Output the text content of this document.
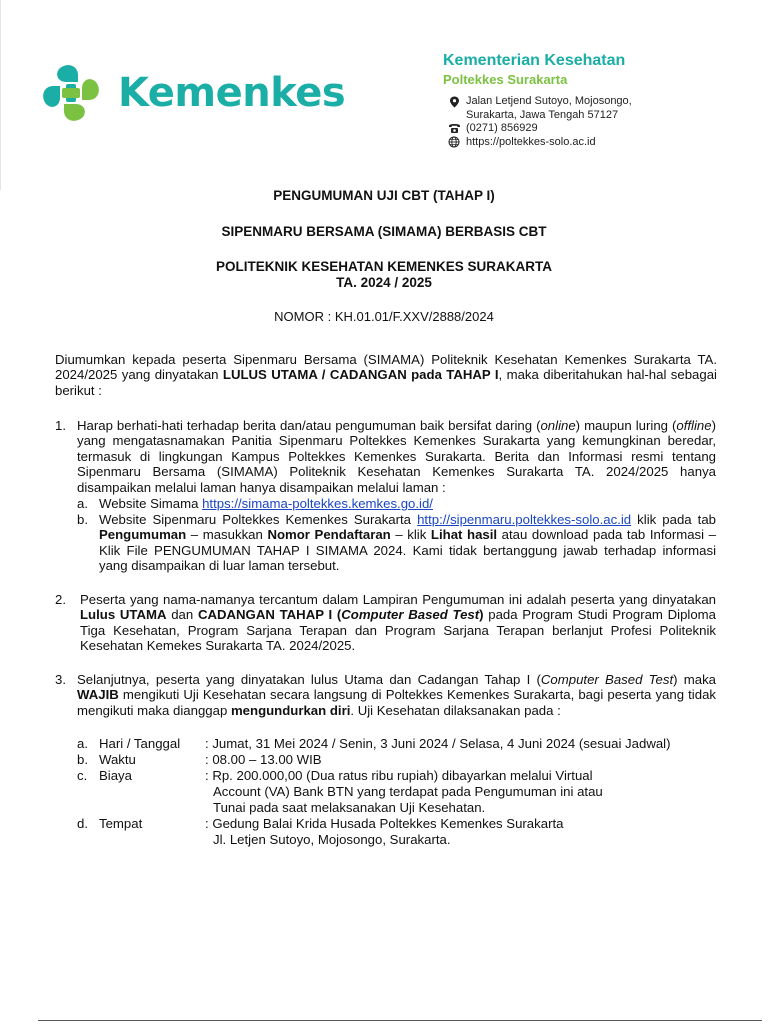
Kemenkes
Kementerian Kesehatan
Poltekkes Surakarta
Jalan Letjend Sutoyo, Mojosongo,
Surakarta, Jawa Tengah 57127
(0271) 856929
https://poltekkes-solo.ac.id
PENGUMUMAN UJI CBT (TAHAP I)
SIPENMARU BERSAMA (SIMAMA) BERBASIS CBT
POLITEKNIK KESEHATAN KEMENKES SURAKARTA
TA. 2024 / 2025
NOMOR : KH.01.01/F.XXV/2888/2024
Diumumkan kepada peserta Sipenmaru Bersama (SIMAMA) Politeknik Kesehatan Kemenkes Surakarta TA. 2024/2025 yang dinyatakan LULUS UTAMA / CADANGAN pada TAHAP I, maka diberitahukan hal-hal sebagai berikut :
1. Harap berhati-hati terhadap berita dan/atau pengumuman baik bersifat daring (online) maupun luring (offline) yang mengatasnamakan Panitia Sipenmaru Poltekkes Kemenkes Surakarta yang kemungkinan beredar, termasuk di lingkungan Kampus Poltekkes Kemenkes Surakarta. Berita dan Informasi resmi tentang Sipenmaru Bersama (SIMAMA) Politeknik Kesehatan Kemenkes Surakarta TA. 2024/2025 hanya disampaikan melalui laman hanya disampaikan melalui laman :
a. Website Simama https://simama-poltekkes.kemkes.go.id/
b. Website Sipenmaru Poltekkes Kemenkes Surakarta http://sipenmaru.poltekkes-solo.ac.id klik pada tab Pengumuman – masukkan Nomor Pendaftaran – klik Lihat hasil atau download pada tab Informasi – Klik File PENGUMUMAN TAHAP I SIMAMA 2024. Kami tidak bertanggung jawab terhadap informasi yang disampaikan di luar laman tersebut.
2. Peserta yang nama-namanya tercantum dalam Lampiran Pengumuman ini adalah peserta yang dinyatakan Lulus UTAMA dan CADANGAN TAHAP I (Computer Based Test) pada Program Studi Program Diploma Tiga Kesehatan, Program Sarjana Terapan dan Program Sarjana Terapan berlanjut Profesi Politeknik Kesehatan Kemekes Surakarta TA. 2024/2025.
3. Selanjutnya, peserta yang dinyatakan lulus Utama dan Cadangan Tahap I (Computer Based Test) maka WAJIB mengikuti Uji Kesehatan secara langsung di Poltekkes Kemenkes Surakarta, bagi peserta yang tidak mengikuti maka dianggap mengundurkan diri. Uji Kesehatan dilaksanakan pada :
a. Hari / Tanggal : Jumat, 31 Mei 2024 / Senin, 3 Juni 2024 / Selasa, 4 Juni 2024 (sesuai Jadwal)
b. Waktu	: 08.00 – 13.00 WIB
c. Biaya	: Rp. 200.000,00 (Dua ratus ribu rupiah) dibayarkan melalui Virtual
Account (VA) Bank BTN yang terdapat pada Pengumuman ini atau
Tunai pada saat melaksanakan Uji Kesehatan.
d. Tempat	: Gedung Balai Krida Husada Poltekkes Kemenkes Surakarta
Jl. Letjen Sutoyo, Mojosongo, Surakarta.
